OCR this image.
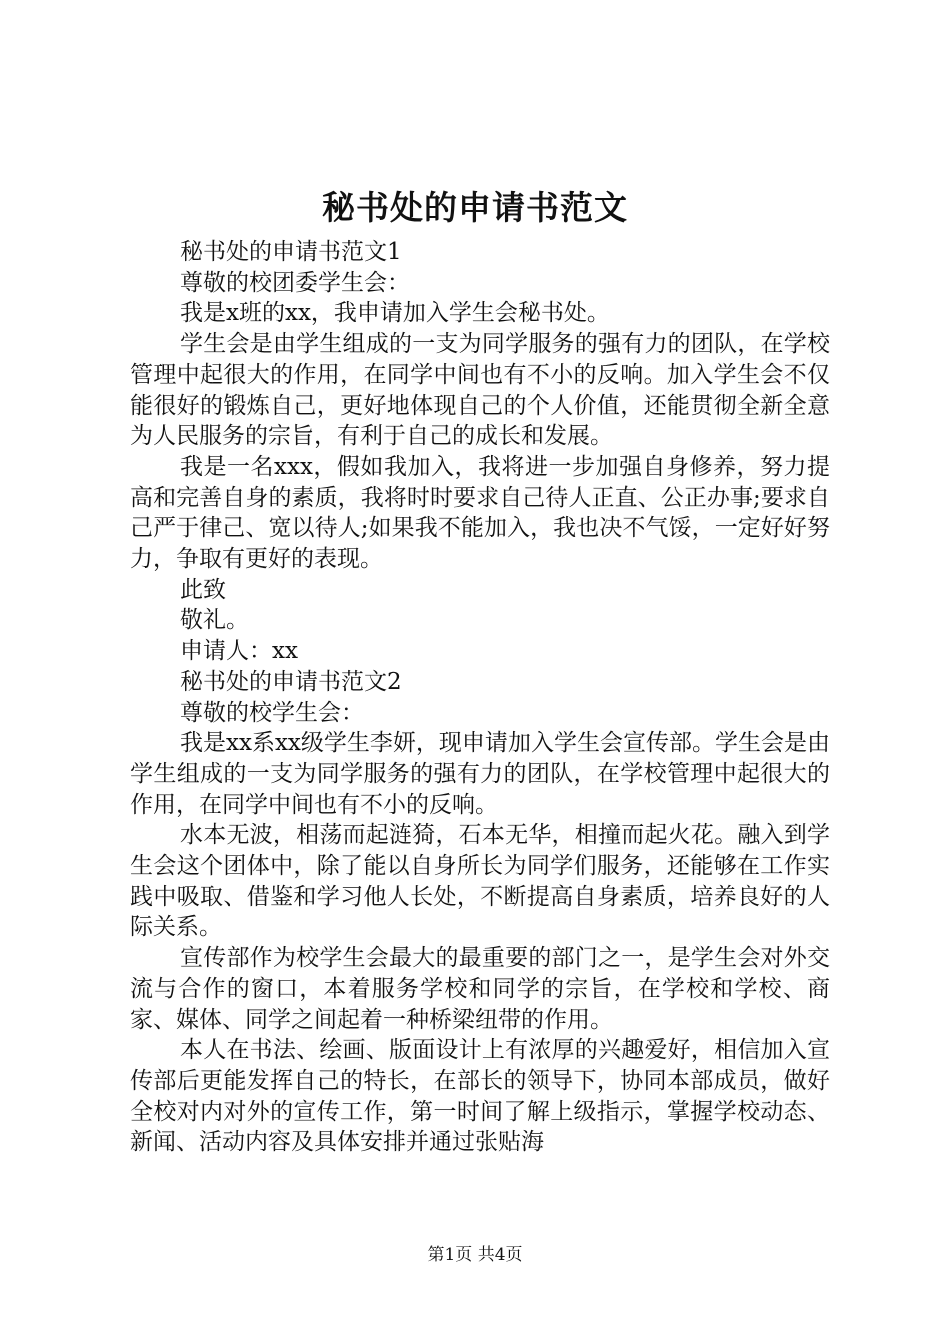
秘书处的申请书范文

秘书处的申请书范文1

尊敬的校团委学生会：

我是x班的xx，我申请加入学生会秘书处。

学生会是由学生组成的一支为同学服务的强有力的团队，在学校管理中起很大的作用，在同学中间也有不小的反响。加入学生会不仅能很好的锻炼自己，更好地体现自己的个人价值，还能贯彻全新全意为人民服务的宗旨，有利于自己的成长和发展。

我是一名xxx，假如我加入，我将进一步加强自身修养，努力提高和完善自身的素质，我将时时要求自己待人正直、公正办事;要求自己严于律己、宽以待人;如果我不能加入，我也决不气馁，一定好好努力，争取有更好的表现。

此致

敬礼。

申请人：xx

秘书处的申请书范文2

尊敬的校学生会：

我是xx系xx级学生李妍，现申请加入学生会宣传部。学生会是由学生组成的一支为同学服务的强有力的团队，在学校管理中起很大的作用，在同学中间也有不小的反响。

水本无波，相荡而起涟猗，石本无华，相撞而起火花。融入到学生会这个团体中，除了能以自身所长为同学们服务，还能够在工作实践中吸取、借鉴和学习他人长处，不断提高自身素质，培养良好的人际关系。

宣传部作为校学生会最大的最重要的部门之一，是学生会对外交流与合作的窗口，本着服务学校和同学的宗旨，在学校和学校、商家、媒体、同学之间起着一种桥梁纽带的作用。

本人在书法、绘画、版面设计上有浓厚的兴趣爱好，相信加入宣传部后更能发挥自己的特长，在部长的领导下，协同本部成员，做好全校对内对外的宣传工作，第一时间了解上级指示，掌握学校动态、新闻、活动内容及具体安排并通过张贴海

第1页 共4页
